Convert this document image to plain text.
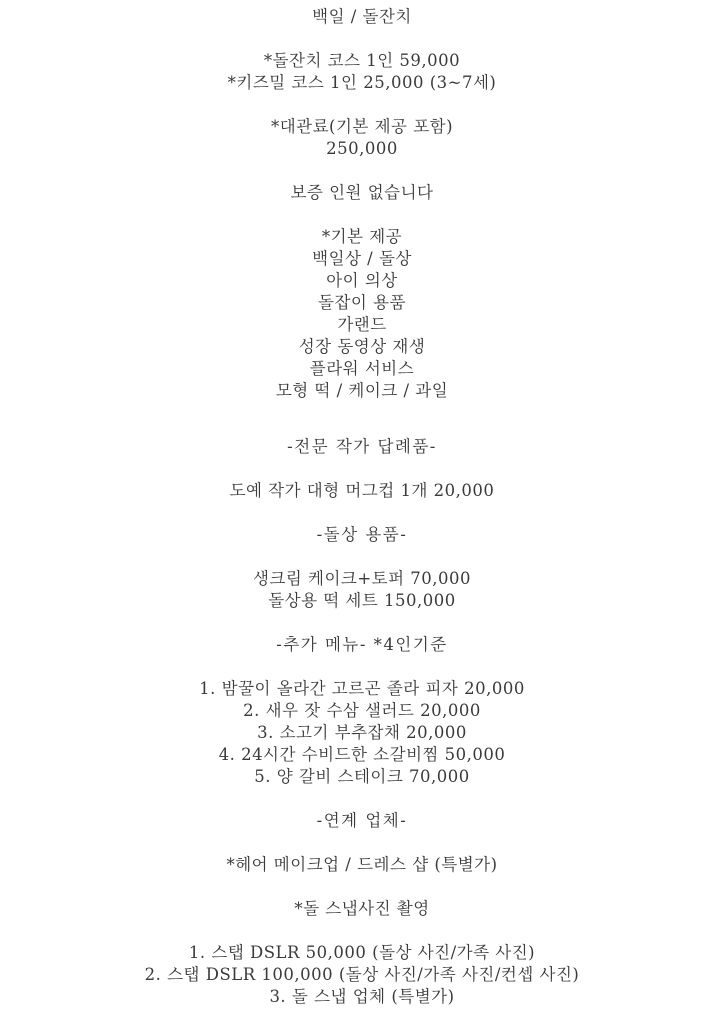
백일 / 돌잔치
*돌잔치 코스 1인 59,000
*키즈밀 코스 1인 25,000 (3~7세)
*대관료(기본 제공 포함)
250,000
보증 인원 없습니다
*기본 제공
백일상 / 돌상
아이 의상
돌잡이 용품
가랜드
성장 동영상 재생
플라워 서비스
모형 떡 / 케이크 / 과일
-전문 작가 답례품-
도예 작가 대형 머그컵 1개 20,000
-돌상 용품-
생크림 케이크+토퍼 70,000
돌상용 떡 세트 150,000
-추가 메뉴- *4인기준
1. 밤꿀이 올라간 고르곤 졸라 피자 20,000
2. 새우 잣 수삼 샐러드 20,000
3. 소고기 부추잡채 20,000
4. 24시간 수비드한 소갈비찜 50,000
5. 양 갈비 스테이크 70,000
-연계 업체-
*헤어 메이크업 / 드레스 샵 (특별가)
*돌 스냅사진 촬영
1. 스탭 DSLR 50,000 (돌상 사진/가족 사진)
2. 스탭 DSLR 100,000 (돌상 사진/가족 사진/컨셉 사진)
3. 돌 스냅 업체 (특별가)
